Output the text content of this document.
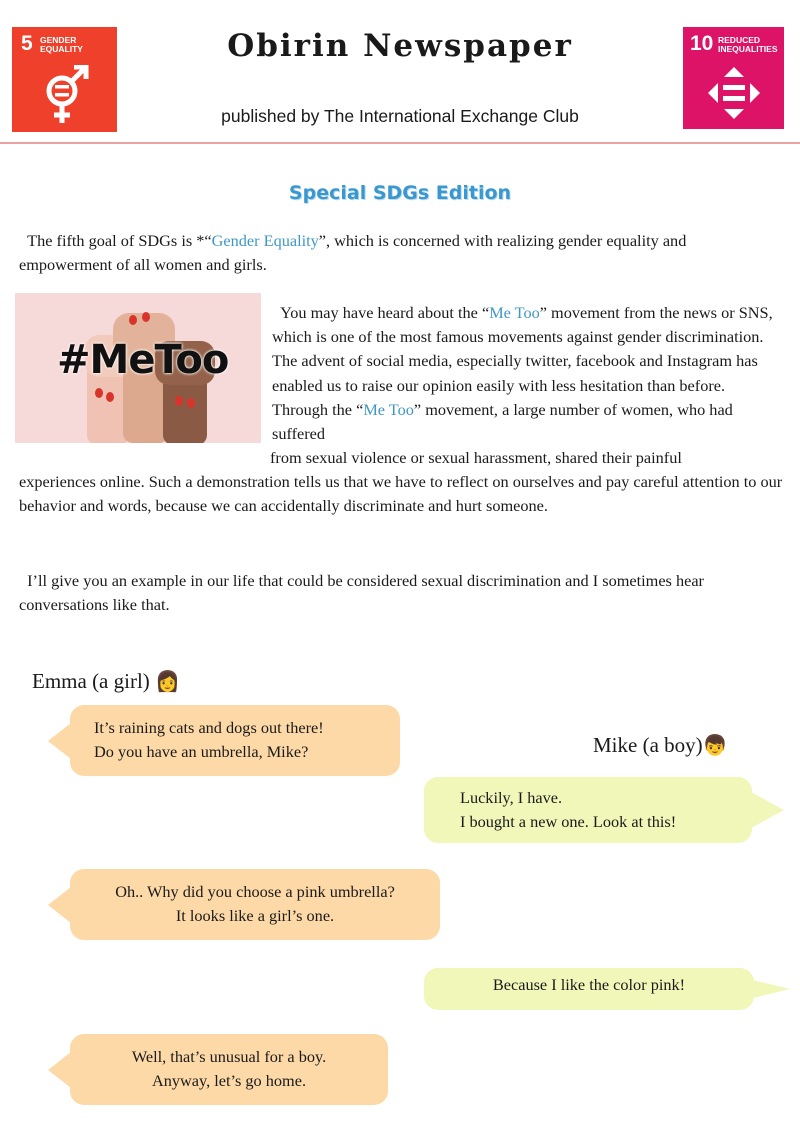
5 GENDER EQUALITY	Obirin Newspaper
published by The International Exchange Club
10 REDUCED INEQUALITIES
Special SDGs Edition
The fifth goal of SDGs is *“Gender Equality”, which is concerned with realizing gender equality and empowerment of all women and girls.
#MeToo
You may have heard about the “Me Too” movement from the news or SNS, which is one of the most famous movements against gender discrimination. The advent of social media, especially twitter, facebook and Instagram has enabled us to raise our opinion easily with less hesitation than before. Through the “Me Too” movement, a large number of women, who had suffered
from sexual violence or sexual harassment, shared their painful
experiences online. Such a demonstration tells us that we have to reflect on ourselves and pay careful attention to our behavior and words, because we can accidentally discriminate and hurt someone.
I’ll give you an example in our life that could be considered sexual discrimination and I sometimes hear conversations like that.
Emma (a girl) 👩
Mike (a boy)👦
It’s raining cats and dogs out there!
Do you have an umbrella, Mike?
Luckily, I have.
I bought a new one. Look at this!
Oh.. Why did you choose a pink umbrella?
It looks like a girl’s one.
Because I like the color pink!
Well, that’s unusual for a boy.
Anyway, let’s go home.
